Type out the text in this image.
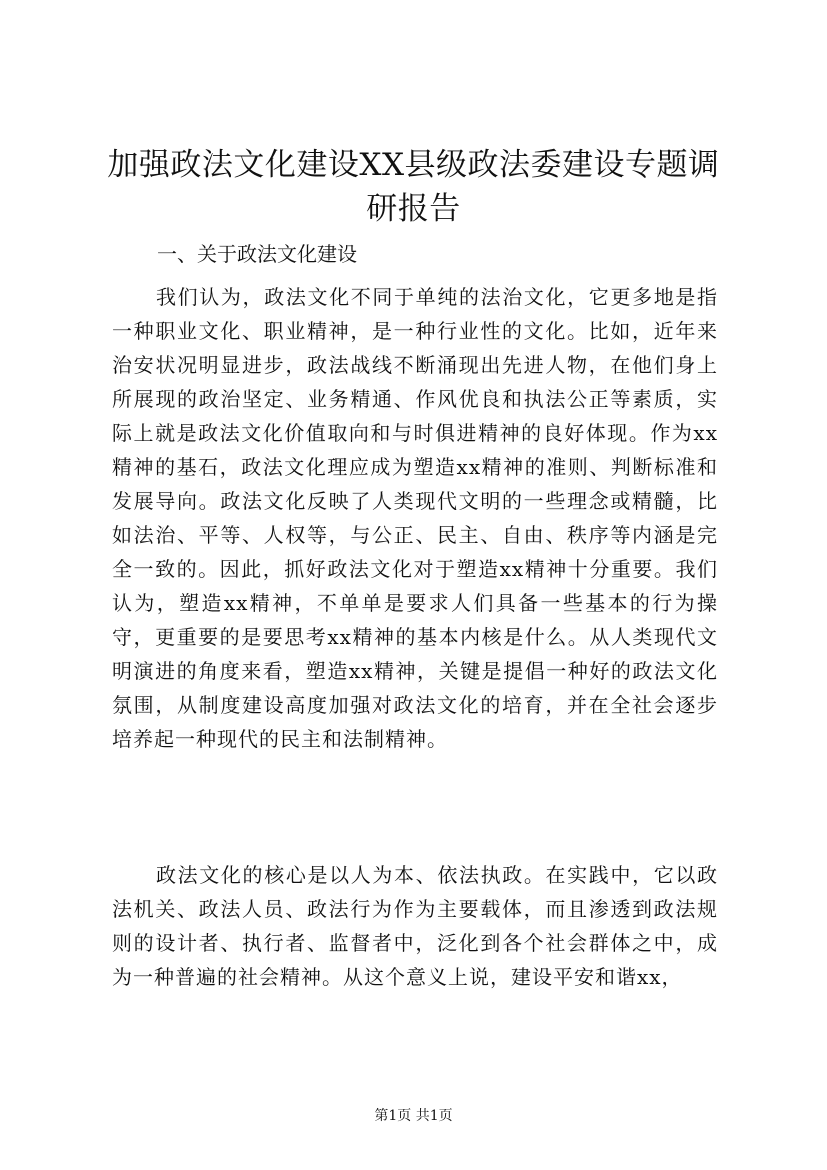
加强政法文化建设XX县级政法委建设专题调研报告

一、关于政法文化建设

我们认为，政法文化不同于单纯的法治文化，它更多地是指一种职业文化、职业精神，是一种行业性的文化。比如，近年来治安状况明显进步，政法战线不断涌现出先进人物，在他们身上所展现的政治坚定、业务精通、作风优良和执法公正等素质，实际上就是政法文化价值取向和与时俱进精神的良好体现。作为xx精神的基石，政法文化理应成为塑造xx精神的准则、判断标准和发展导向。政法文化反映了人类现代文明的一些理念或精髓，比如法治、平等、人权等，与公正、民主、自由、秩序等内涵是完全一致的。因此，抓好政法文化对于塑造xx精神十分重要。我们认为，塑造xx精神，不单单是要求人们具备一些基本的行为操守，更重要的是要思考xx精神的基本内核是什么。从人类现代文明演进的角度来看，塑造xx精神，关键是提倡一种好的政法文化氛围，从制度建设高度加强对政法文化的培育，并在全社会逐步培养起一种现代的民主和法制精神。

政法文化的核心是以人为本、依法执政。在实践中，它以政法机关、政法人员、政法行为作为主要载体，而且渗透到政法规则的设计者、执行者、监督者中，泛化到各个社会群体之中，成为一种普遍的社会精神。从这个意义上说，建设平安和谐xx，

第1页 共1页
